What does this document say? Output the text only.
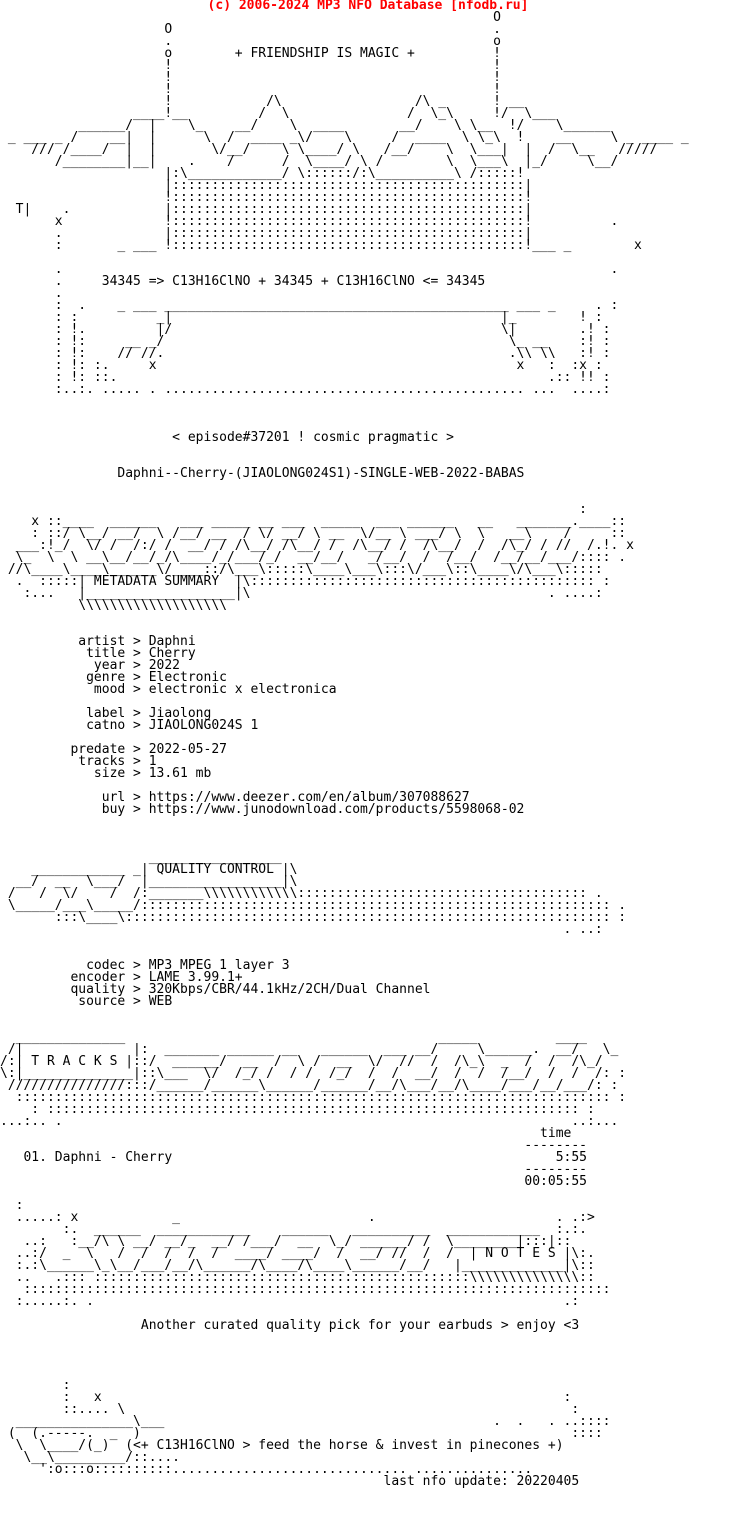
(c) 2006-2024 MP3 NFO Database [nfodb.ru]
O
O                                         .
.                                         o
o        + FRIENDSHIP IS MAGIC +          !
!                                         !
!                                         !
!                                         !
!            /\                 /\ _      ! __
____!__         /  \               /  \_\     !/  \___
______/  |    \_    __/    \  ____       __/    \ \__  !/    \______
_ ___ _ /    __|  |      \  /  ____ _\/    \     /  ____  \ \_\  !    __     \ _ ____ _
/// /____/  |  |       \/__/    \ \____/ \   /__/    \  \___|  |  /  \__   /////
/________|__|    .    /      /  \____/ \ /        \  \___\  |_/     \__/
|:\____________/ \::::::/:\__________\ /:::::!
|:::::::::::::::::::::::::::::::::::::::::::::|
!:::::::::::::::::::::::::::::::::::::::::::::!
T|    .            |:::::::::::::::::::::::::::::::::::::::::::::|
x             !:::::::::::::::::::::::::::::::::::::::::::::!          .
.             |:::::::::::::::::::::::::::::::::::::::::::::|
:       _ ___ !:::::::::::::::::::::::::::::::::::::::::::::!___ _        x

.                                                                      .
.     34345 => C13H16ClNO + 34345 + C13H16ClNO <= 34345
.
:  .    _ ___ ____________________________________________ ___ _     . :
: :          _|                                          |_        ! :
: !.         |/                                          \|        .! :
: !:     __ _/                                            \_ __    :! :
: !:    // //.                                            .\\ \\   :! :
: !: :.     x                                              x   :  :x :
: !: ::.                                                       .:: !! :
:..:. ..... . .............................................. ...  ....:

< episode#37201 ! cosmic pragmatic >

Daphni--Cherry-(JIAOLONG024S1)-SINGLE-WEB-2022-BABAS

:
x ::____  ______   ___ _____ __ ___  _____  ___ ______   __   _______.____::
: ::/ \__/ __/  \ /__/ __  / \/ __/ \ __  \/__ \ ___/ \  \   __\    /     ::
___:!_/  \/ /  /:/ /  __/ / /\__/ /\__/ /  /\__/ /  /\__/  /  /\_/ / //  /.!. x
\_  \  \ __\__/__/_/\____/_/___/_/  __/__/   _/__/  /  /__/  /__/__/___/:::: .
//\____\____\______\/____::/\___\:::::\____\___\:::\/___\::\____\/\___\:::::
.  :::::| METADATA SUMMARY  |\:::::::::::::::::::::::::::::::::::::::::::: :
:...   |___________________|\                                      . ....:
\\\\\\\\\\\\\\\\\\\

artist > Daphni
title > Cherry
year > 2022
genre > Electronic
mood > electronic x electronica

label > Jiaolong
catno > JIAOLONG024S 1

predate > 2022-05-27
tracks > 1
size > 13.61 mb

url > https://www.deezer.com/en/album/307088627
buy > https://www.junodownload.com/products/5598068-02

_________________
____________ _| QUALITY CONTROL |\
__/  __  \___/  |_________________|\
/   /  \/    /  /:_______\\\\\\\\\\\\::::::::::::::::::::::::::::::::::::: .
\_____/___\_____/:::::::::::::::::::::::::::::::::::::::::::::::::::::::::::: .
:::\____\:::::::::::::::::::::::::::::::::::::::::::::::::::::::::::::: :
. ..:

codec > MP3 MPEG 1 layer 3
encoder > LAME 3.99.1+
quality > 320Kbps/CBR/44.1kHz/2CH/Dual Channel
source > WEB

______________                                        _____          ____
/|              |:  _______ ______ __   ______  ___ __/     \______.  __/   \_
/:| T R A C K S |::/  ______/  __  /  \ /  __  \/  //  /  /\_\  _  /  /  /\_/
\:|______________|::\___  \/  /_/ /  / /  /_/  /  /  __/  /  /  /__/  /  /  /: :
///////////////:::/______/______\______/______/__/\___/__/\____/___/__/___/: :
:::::::::::::::::::::::::::::::::::::::::::::::::::::::::::::::::::::::::::: :
: :::::::::::::::::::::::::::::::::::::::::::::::::::::::::::::::::::: :
...:.. .                                                                 ..:...
time
--------
01. Daphni - Cherry                                                 5:55
--------
00:05:55

:
.....: x            _                        .                       . .:>
:.  ______  ____________    ______   __________  ____________  :.:.
..:   :__/\ \ __/ __/_  __/ /___/  __  \_/ ______/ /  \________|:::|::
..:/  _  \   /  /  /  /  /  ____/ ____/  /  __/ //  /  /  | N O T E S |\:.
:.:\______\_\__/___/__/\______/\____/\____\______/__/   |_____________|\::
..   .::: ::::::::::::::::::::::::::::::::::::::::::::::::\\\\\\\\\\\\\\::
:::::::::::::::::::::::::::::::::::::::::::::::::::::::::::::::::::::::::::
:.....:. .                                                            .:

Another curated quality pick for your earbuds > enjoy <3

:
:   x                                                           :
::.... \                                                         :
_______________\___                                          .  .   . ..::::
(  (.-----.  _  )                                                       ::::
\  \____/(_)  (<+ C13H16ClNO > feed the horse & invest in pinecones +)
\__\_________/::....
':o:::o::::::::::.............................. ...............
last nfo update: 20220405
